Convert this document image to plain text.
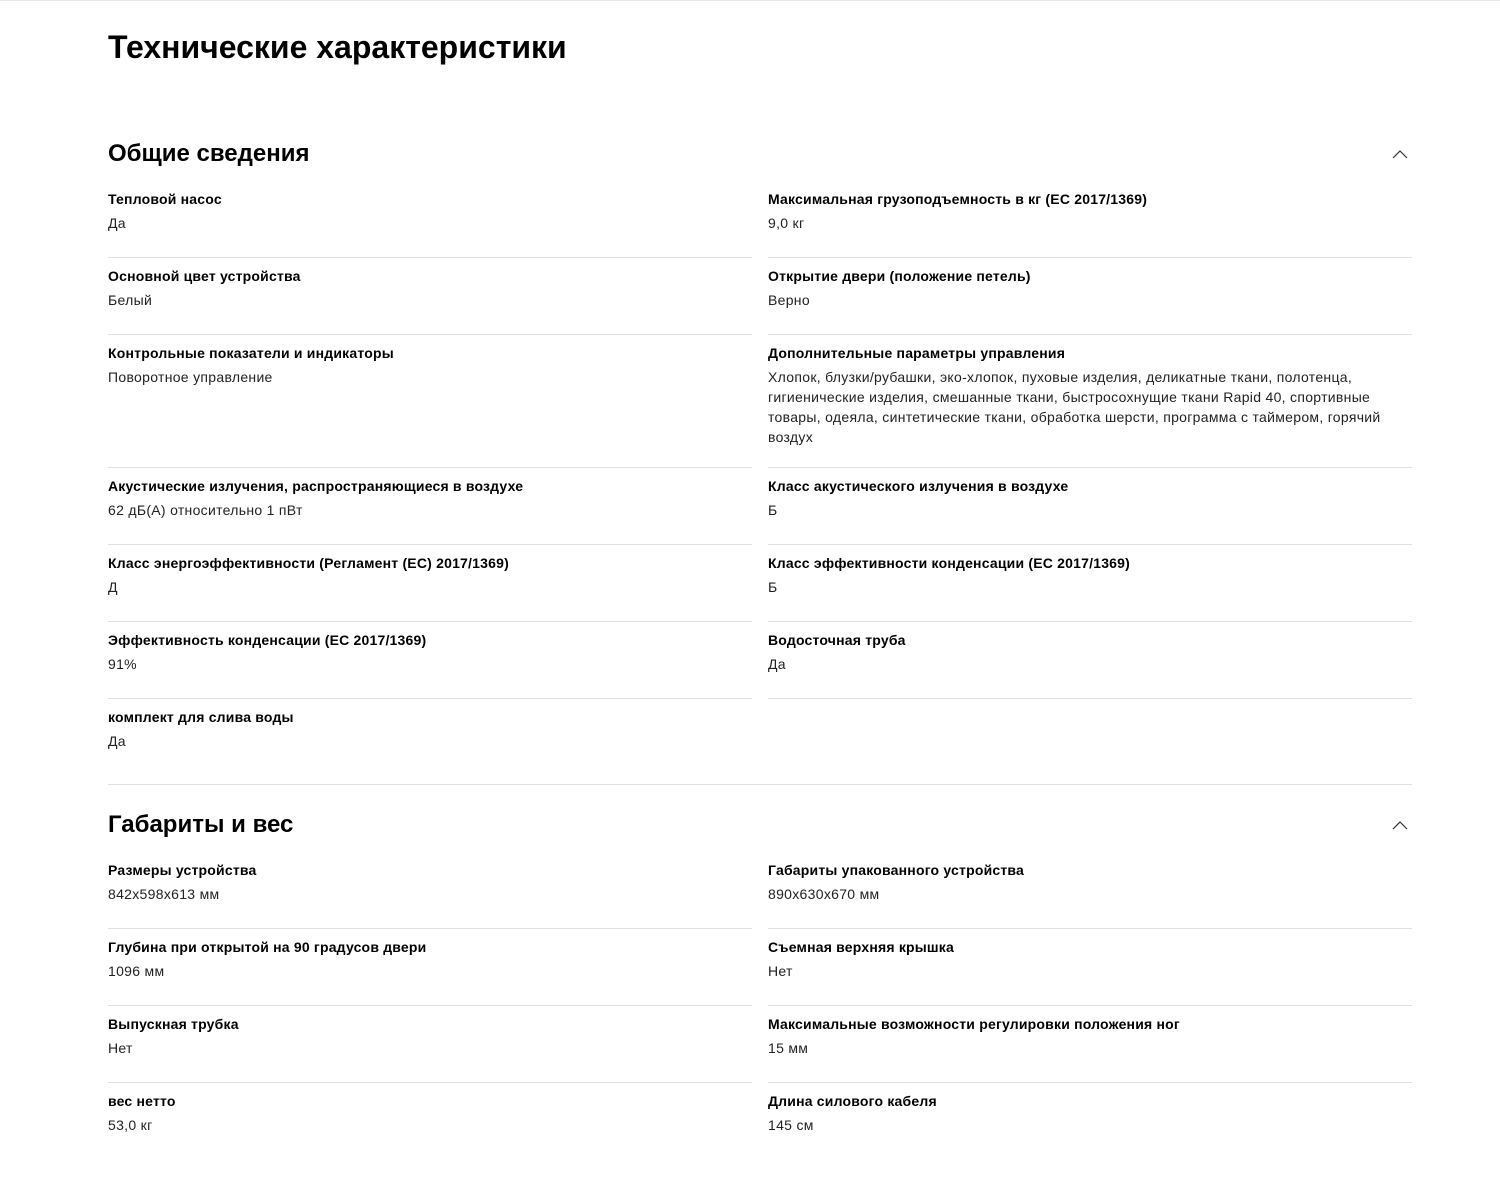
Технические характеристики
Общие сведения
Тепловой насос
Да
Максимальная грузоподъемность в кг (ЕС 2017/1369)
9,0 кг
Основной цвет устройства
Белый
Открытие двери (положение петель)
Верно
Контрольные показатели и индикаторы
Поворотное управление
Дополнительные параметры управления
Хлопок, блузки/рубашки, эко-хлопок, пуховые изделия, деликатные ткани, полотенца, гигиенические изделия, смешанные ткани, быстросохнущие ткани Rapid 40, спортивные товары, одеяла, синтетические ткани, обработка шерсти, программа с таймером, горячий воздух
Акустические излучения, распространяющиеся в воздухе
62 дБ(А) относительно 1 пВт
Класс акустического излучения в воздухе
Б
Класс энергоэффективности (Регламент (ЕС) 2017/1369)
Д
Класс эффективности конденсации (ЕС 2017/1369)
Б
Эффективность конденсации (ЕС 2017/1369)
91%
Водосточная труба
Да
комплект для слива воды
Да
Габариты и вес
Размеры устройства
842x598x613 мм
Габариты упакованного устройства
890x630x670 мм
Глубина при открытой на 90 градусов двери
1096 мм
Съемная верхняя крышка
Нет
Выпускная трубка
Нет
Максимальные возможности регулировки положения ног
15 мм
вес нетто
53,0 кг
Длина силового кабеля
145 см
